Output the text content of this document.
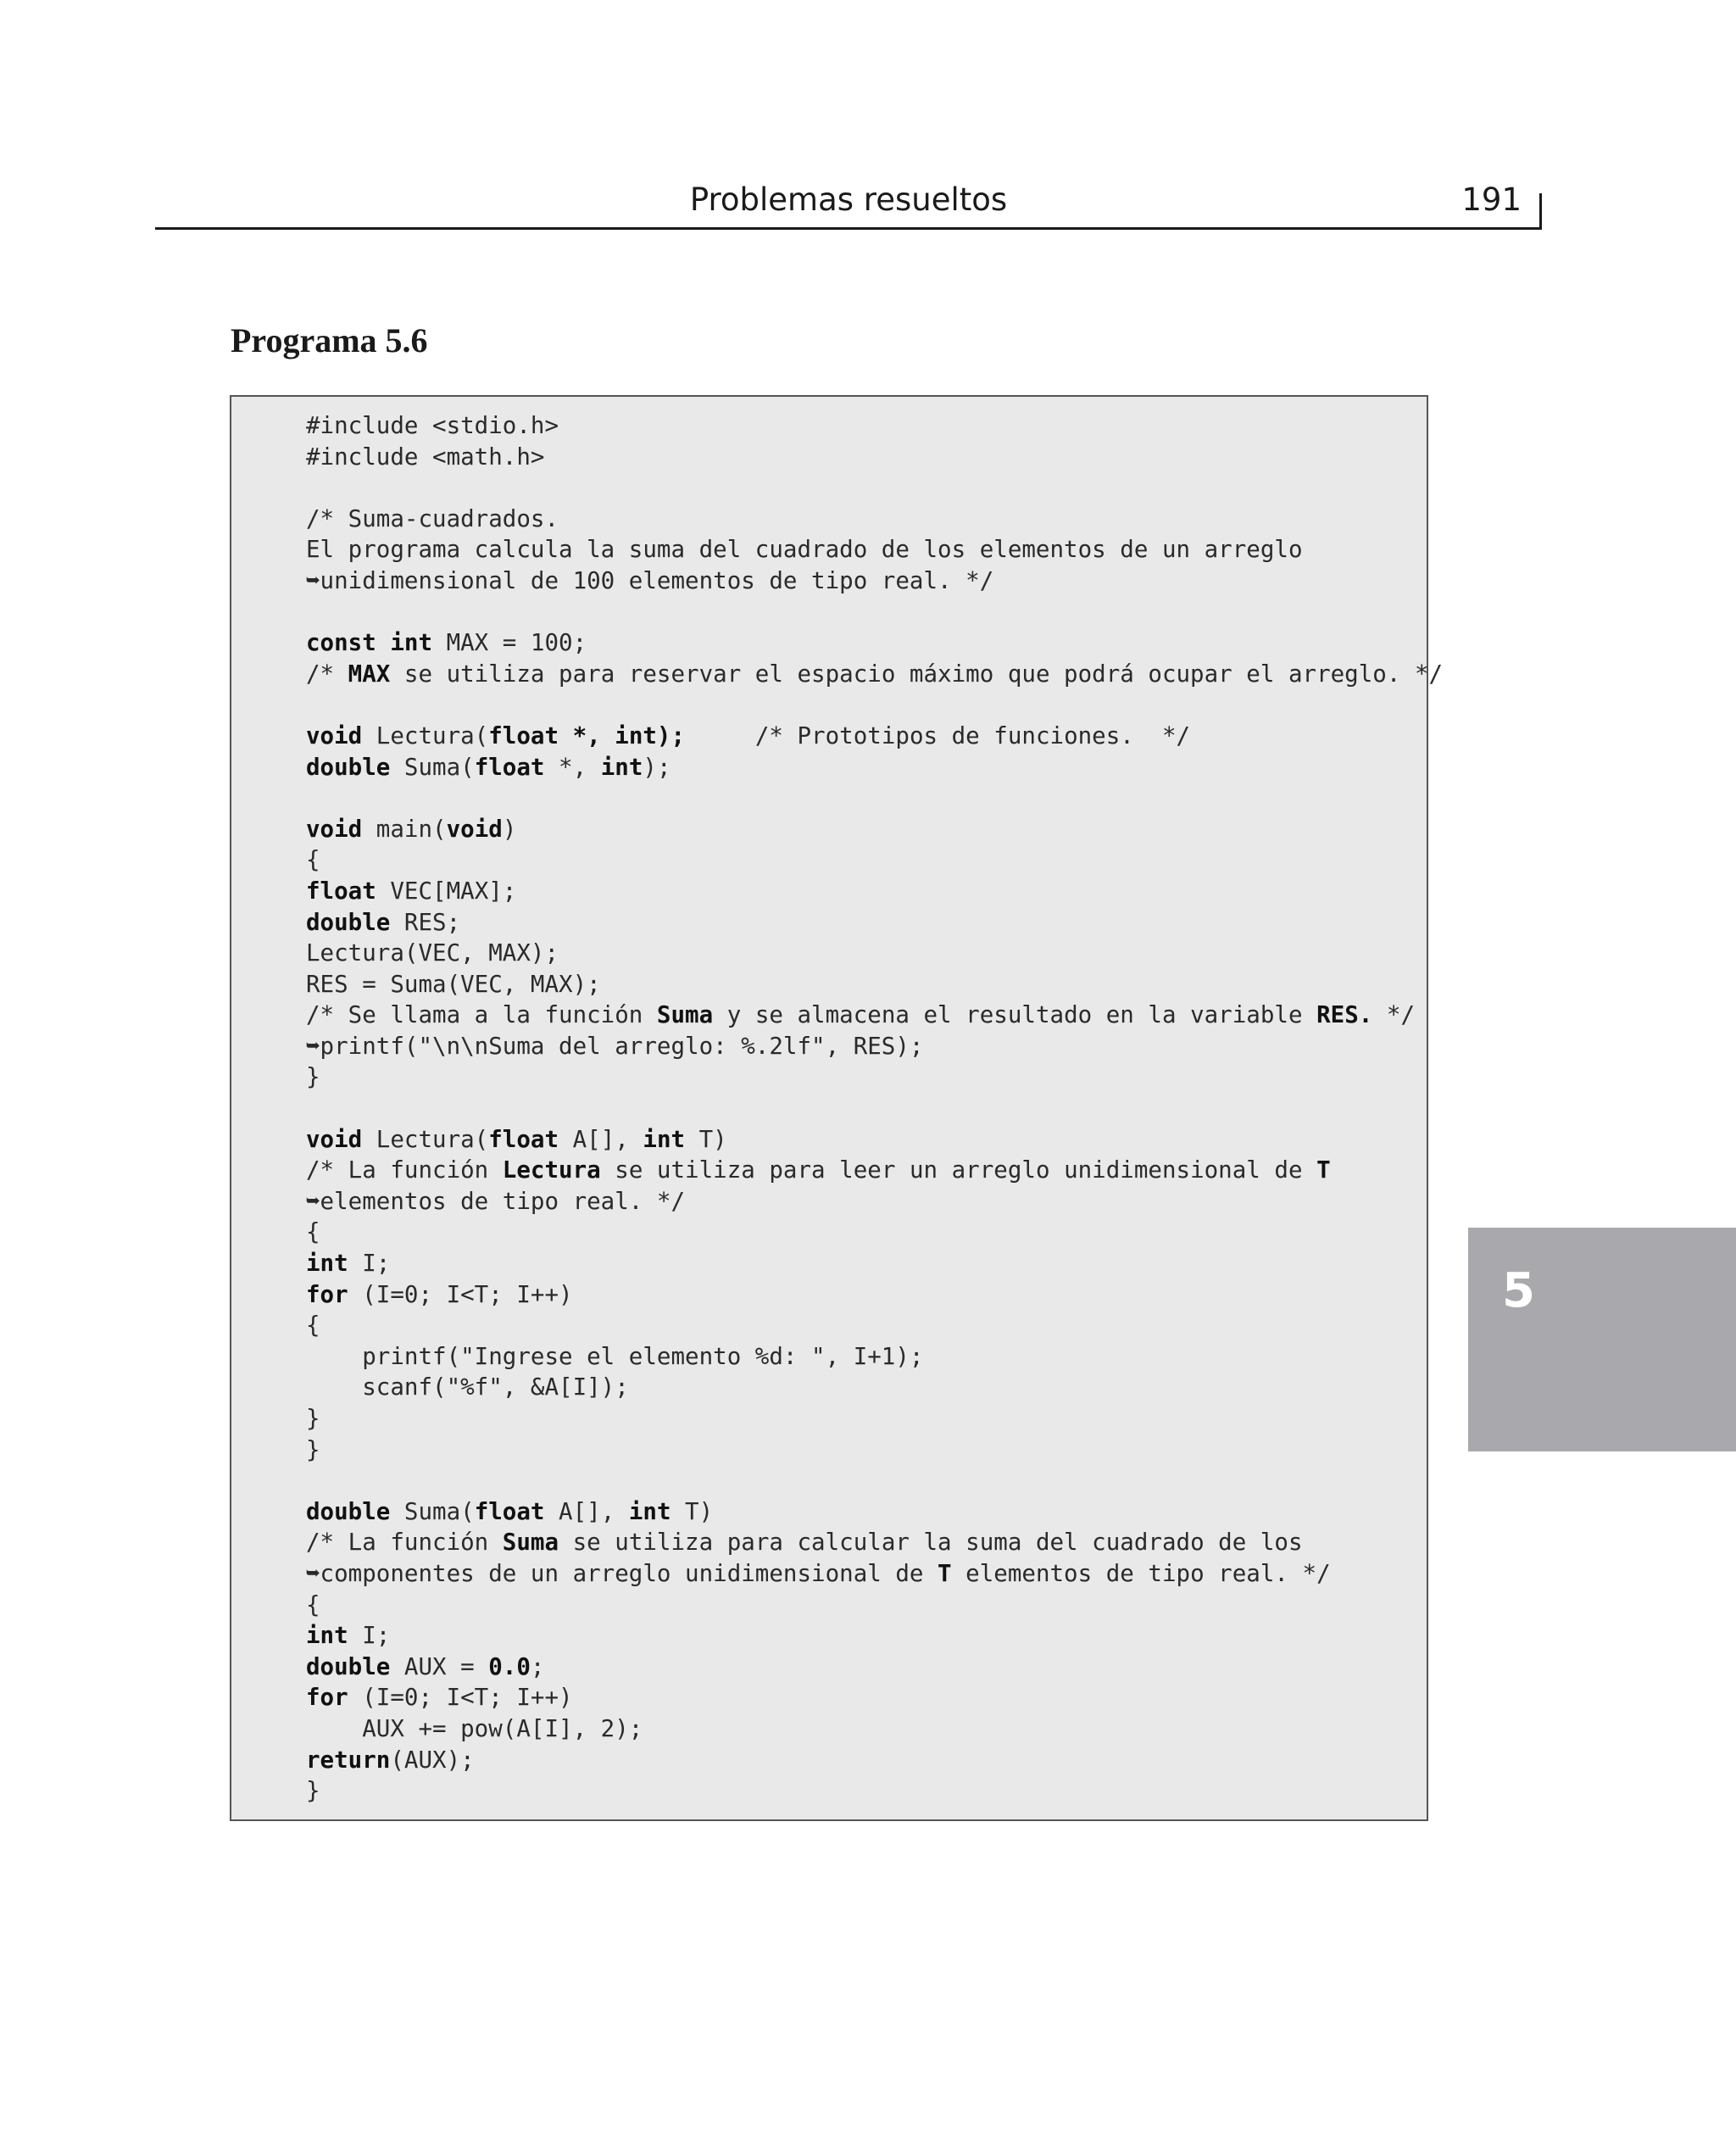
Problemas resueltos	191
Programa 5.6
#include <stdio.h>
#include <math.h>

/* Suma-cuadrados.
El programa calcula la suma del cuadrado de los elementos de un arreglo
➥unidimensional de 100 elementos de tipo real. */

const int MAX = 100;
/* MAX se utiliza para reservar el espacio máximo que podrá ocupar el arreglo. */

void Lectura(float *, int);     /* Prototipos de funciones.  */
double Suma(float *, int);

void main(void)
{
float VEC[MAX];
double RES;
Lectura(VEC, MAX);
RES = Suma(VEC, MAX);
/* Se llama a la función Suma y se almacena el resultado en la variable RES. */
➥printf("\n\nSuma del arreglo: %.2lf", RES);
}

void Lectura(float A[], int T)
/* La función Lectura se utiliza para leer un arreglo unidimensional de T
➥elementos de tipo real. */
{
int I;
for (I=0; I<T; I++)
{
printf("Ingrese el elemento %d: ", I+1);
scanf("%f", &A[I]);
}
}

double Suma(float A[], int T)
/* La función Suma se utiliza para calcular la suma del cuadrado de los
➥componentes de un arreglo unidimensional de T elementos de tipo real. */
{
int I;
double AUX = 0.0;
for (I=0; I<T; I++)
AUX += pow(A[I], 2);
return(AUX);
}
5
